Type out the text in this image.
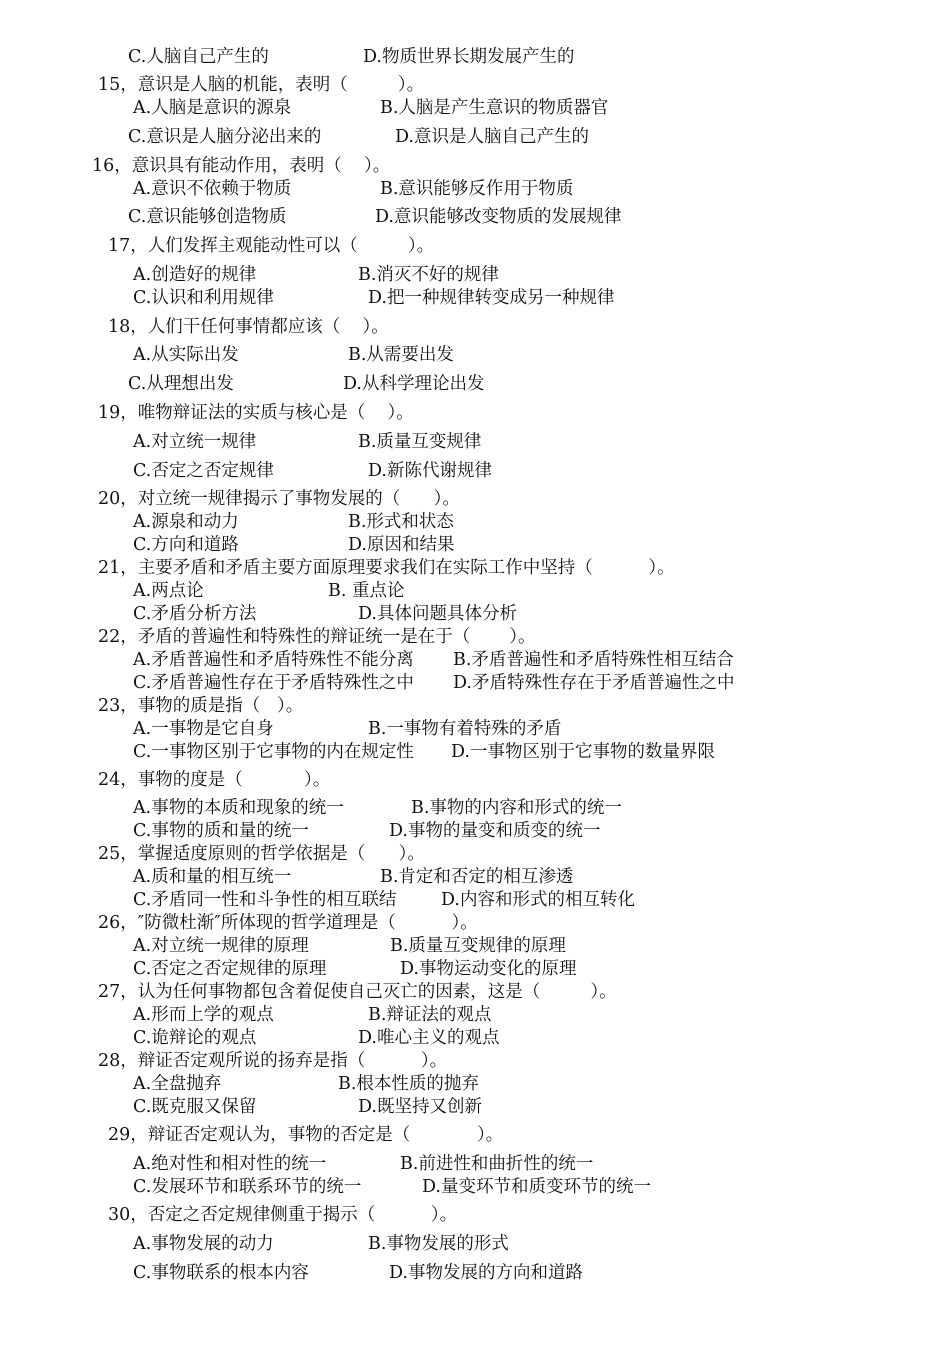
C.人脑自己产生的	D.物质世界长期发展产生的
15，意识是人脑的机能，表明（         ）。
A.人脑是意识的源泉	B.人脑是产生意识的物质器官
C.意识是人脑分泌出来的	D.意识是人脑自己产生的
16，意识具有能动作用，表明（    ）。
A.意识不依赖于物质	B.意识能够反作用于物质
C.意识能够创造物质	D.意识能够改变物质的发展规律
17，人们发挥主观能动性可以（         ）。
A.创造好的规律	B.消灭不好的规律
C.认识和利用规律	D.把一种规律转变成另一种规律
18，人们干任何事情都应该（    ）。
A.从实际出发	B.从需要出发
C.从理想出发	D.从科学理论出发
19，唯物辩证法的实质与核心是（    ）。
A.对立统一规律	B.质量互变规律
C.否定之否定规律	D.新陈代谢规律
20，对立统一规律揭示了事物发展的（      ）。
A.源泉和动力	B.形式和状态
C.方向和道路	D.原因和结果
21，主要矛盾和矛盾主要方面原理要求我们在实际工作中坚持（          ）。
A.两点论	B. 重点论
C.矛盾分析方法	D.具体问题具体分析
22，矛盾的普遍性和特殊性的辩证统一是在于（       ）。
A.矛盾普遍性和矛盾特殊性不能分离 B.矛盾普遍性和矛盾特殊性相互结合
C.矛盾普遍性存在于矛盾特殊性之中 D.矛盾特殊性存在于矛盾普遍性之中
23，事物的质是指（   ）。
A.一事物是它自身	B.一事物有着特殊的矛盾
C.一事物区别于它事物的内在规定性 D.一事物区别于它事物的数量界限
24，事物的度是（           ）。
A.事物的本质和现象的统一	B.事物的内容和形式的统一
C.事物的质和量的统一	D.事物的量变和质变的统一
25，掌握适度原则的哲学依据是（      ）。
A.质和量的相互统一	B.肯定和否定的相互渗透
C.矛盾同一性和斗争性的相互联结	D.内容和形式的相互转化
26，″防微杜渐″所体现的哲学道理是（          ）。
A.对立统一规律的原理	B.质量互变规律的原理
C.否定之否定规律的原理	D.事物运动变化的原理
27，认为任何事物都包含着促使自己灭亡的因素，这是（         ）。
A.形而上学的观点	B.辩证法的观点
C.诡辩论的观点	D.唯心主义的观点
28，辩证否定观所说的扬弃是指（          ）。
A.全盘抛弃	B.根本性质的抛弃
C.既克服又保留	D.既坚持又创新
29，辩证否定观认为，事物的否定是（            ）。
A.绝对性和相对性的统一	B.前进性和曲折性的统一
C.发展环节和联系环节的统一	D.量变环节和质变环节的统一
30，否定之否定规律侧重于揭示（          ）。
A.事物发展的动力	B.事物发展的形式
C.事物联系的根本内容	D.事物发展的方向和道路
